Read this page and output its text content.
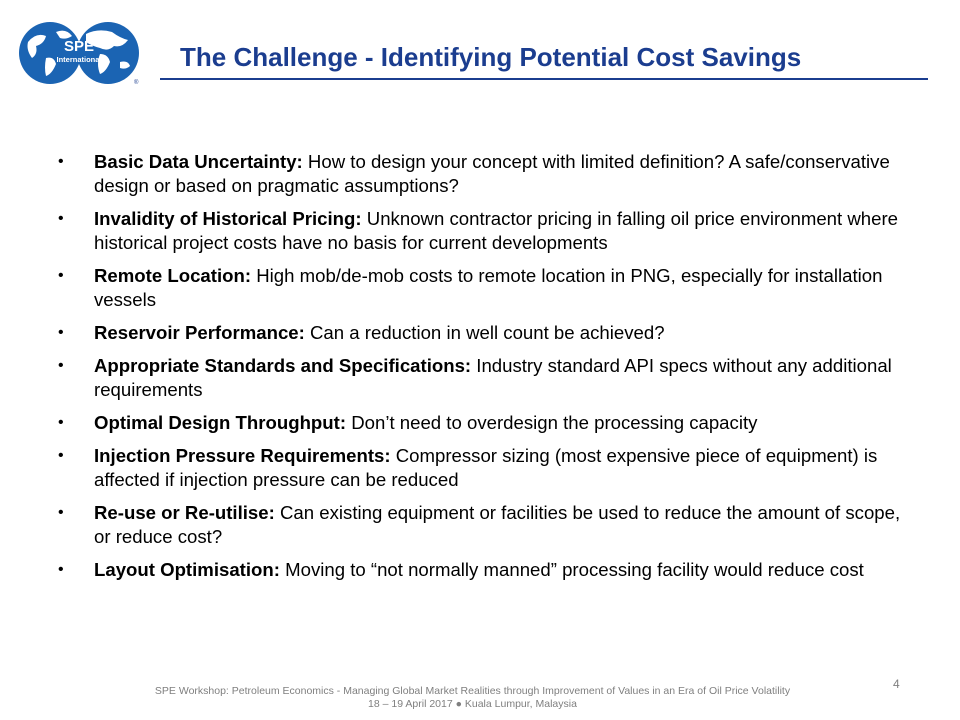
SPE
International
®
The Challenge - Identifying Potential Cost Savings
• Basic Data Uncertainty: How to design your concept with limited definition? A safe/conservative design or based on pragmatic assumptions?
• Invalidity of Historical Pricing: Unknown contractor pricing in falling oil price environment where historical project costs have no basis for current developments
• Remote Location: High mob/de-mob costs to remote location in PNG, especially for installation vessels
• Reservoir Performance: Can a reduction in well count be achieved?
• Appropriate Standards and Specifications: Industry standard API specs without any additional requirements
• Optimal Design Throughput: Don’t need to overdesign the processing capacity
• Injection Pressure Requirements: Compressor sizing (most expensive piece of equipment) is affected if injection pressure can be reduced
• Re-use or Re-utilise: Can existing equipment or facilities be used to reduce the amount of scope, or reduce cost?
• Layout Optimisation: Moving to “not normally manned” processing facility would reduce cost
4
SPE Workshop: Petroleum Economics - Managing Global Market Realities through Improvement of Values in an Era of Oil Price Volatility
18 – 19 April 2017 ● Kuala Lumpur, Malaysia
